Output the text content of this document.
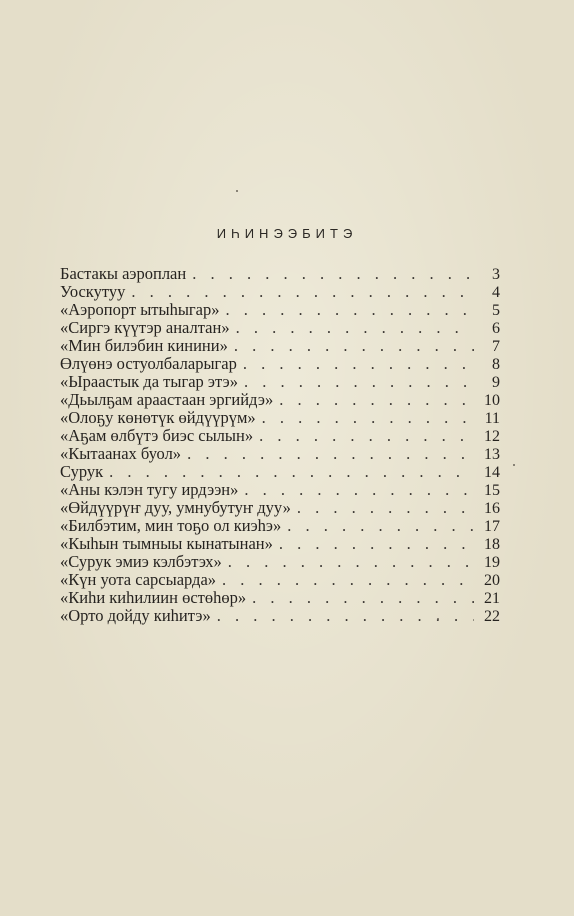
ИҺИНЭЭБИТЭ
Бастакы аэроплан . . .	3
Уоскутуу . . .	4
«Аэропорт ытыһыгар» . . .	5
«Сиргэ күүтэр аналтан» . . .	6
«Мин билэбин кинини» . . .	7
Өлүөнэ остуолбаларыгар . . .	8
«Ыраастык да тыгар этэ» . . .	9
«Дьылҕам араастаан эргийдэ» . . .	10
«Олоҕу көнөтүк өйдүүрүм» . . .	11
«Аҕам өлбүтэ биэс сылын» . . .	12
«Кытаанах буол» . . .	13
Сурук . . .	14
«Аны кэлэн тугу ирдээн» . . .	15
«Өйдүүрүҥ дуу, умнубутуҥ дуу» . . .	16
«Билбэтим, мин тоҕо ол киэһэ» . . .	17
«Кыһын тымныы кынатынан» . . .	18
«Сурук эмиэ кэлбэтэх» . . .	19
«Күн уота сарсыарда» . . .	20
«Киһи киһилиин өстөһөр» . . .	21
«Орто дойду киһитэ» . . .	22
